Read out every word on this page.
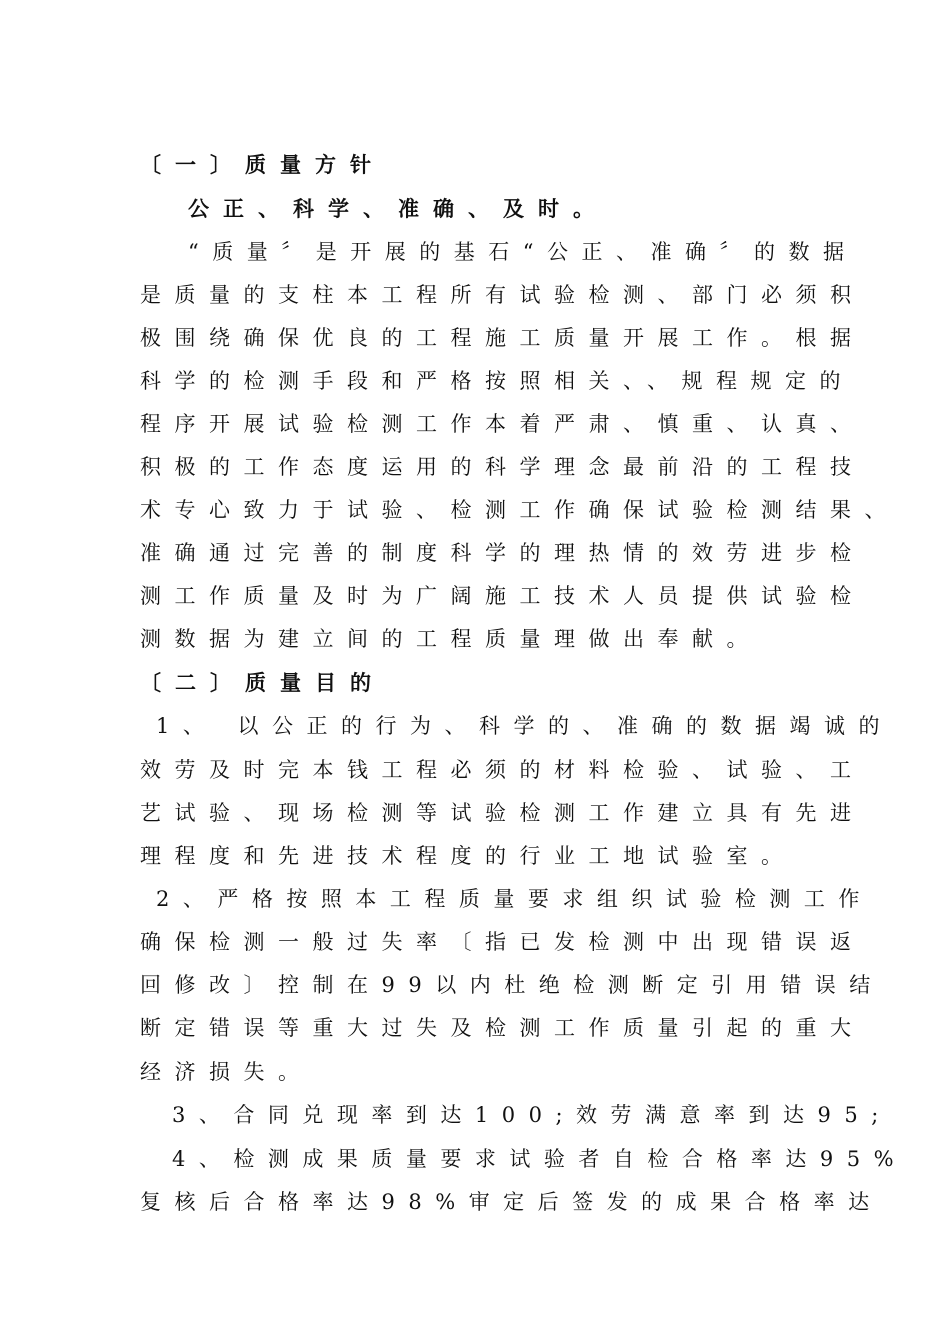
〔一〕质量方针
公正、科学、准确、及时。
“质量〞是开展的基石“公正、准确〞的数据
是质量的支柱本工程所有试验检测、部门必须积
极围绕确保优良的工程施工质量开展工作。根据
科学的检测手段和严格按照相关、、规程规定的
程序开展试验检测工作本着严肃、慎重、认真、
积极的工作态度运用的科学理念最前沿的工程技
术专心致力于试验、检测工作确保试验检测结果、
准确通过完善的制度科学的理热情的效劳进步检
测工作质量及时为广阔施工技术人员提供试验检
测数据为建立间的工程质量理做出奉献。
〔二〕质量目的
1、 以公正的行为、科学的、准确的数据竭诚的
效劳及时完本钱工程必须的材料检验、试验、工
艺试验、现场检测等试验检测工作建立具有先进
理程度和先进技术程度的行业工地试验室。
2、严格按照本工程质量要求组织试验检测工作
确保检测一般过失率〔指已发检测中出现错误返
回修改〕控制在99以内杜绝检测断定引用错误结
断定错误等重大过失及检测工作质量引起的重大
经济损失。
3、合同兑现率到达100;效劳满意率到达95;
4、检测成果质量要求试验者自检合格率达95%
复核后合格率达98%审定后签发的成果合格率达
